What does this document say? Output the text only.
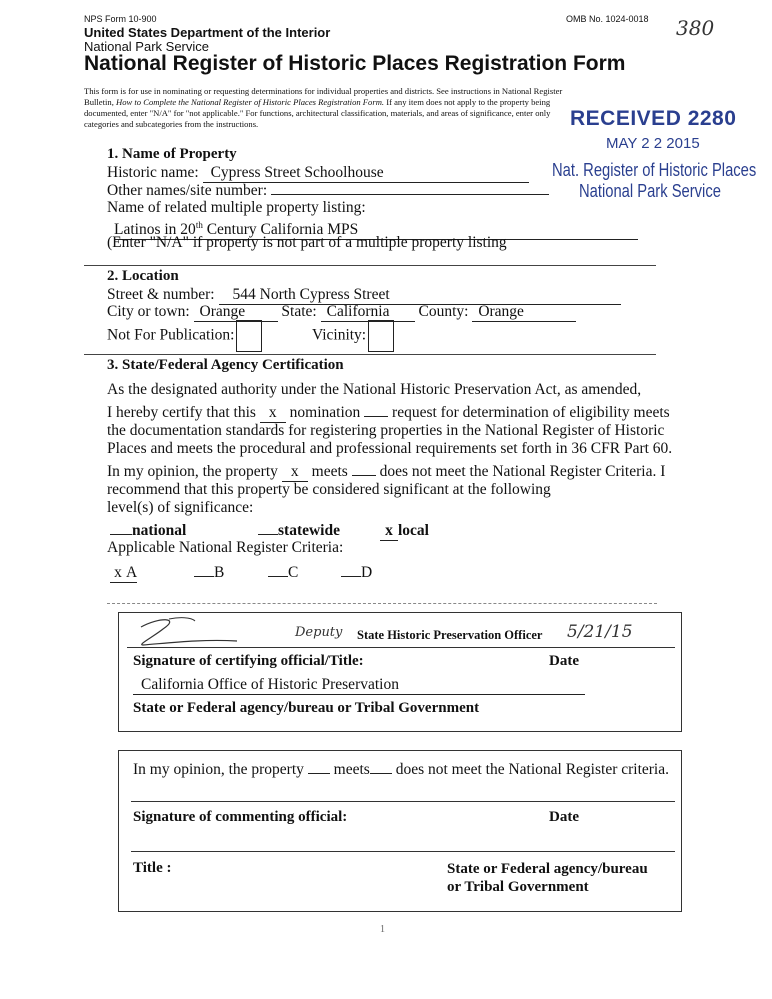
NPS Form 10-900	OMB No. 1024-0018 380
United States Department of the Interior
National Park Service
National Register of Historic Places Registration Form
This form is for use in nominating or requesting determinations for individual properties and districts. See instructions in National Register
Bulletin, How to Complete the National Register of Historic Places Registration Form. If any item does not apply to the property being
documented, enter "N/A" for "not applicable." For functions, architectural classification, materials, and areas of significance, enter only
categories and subcategories from the instructions.	RECEIVED 2280
MAY 2 2 2015
Nat. Register of Historic Places
National Park Service
1. Name of Property
Historic name: Cypress Street Schoolhouse
Other names/site number:
Name of related multiple property listing:
Latinos in 20th Century California MPS
(Enter "N/A" if property is not part of a multiple property listing
2. Location
Street & number: 544 North Cypress Street
City or town: Orange State: California County: Orange
Not For Publication:	Vicinity:
3. State/Federal Agency Certification
As the designated authority under the National Historic Preservation Act, as amended,
I hereby certify that this x nomination request for determination of eligibility meets
the documentation standards for registering properties in the National Register of Historic
Places and meets the procedural and professional requirements set forth in 36 CFR Part 60.
In my opinion, the property x meets does not meet the National Register Criteria. I
recommend that this property be considered significant at the following
level(s) of significance:
national	statewide	x local
Applicable National Register Criteria:
x A	B	C	D
Deputy State Historic Preservation Officer 5/21/15
Signature of certifying official/Title:	Date
California Office of Historic Preservation
State or Federal agency/bureau or Tribal Government
In my opinion, the property meets does not meet the National Register criteria.
Signature of commenting official:	Date
Title :	State or Federal agency/bureau
or Tribal Government
1
